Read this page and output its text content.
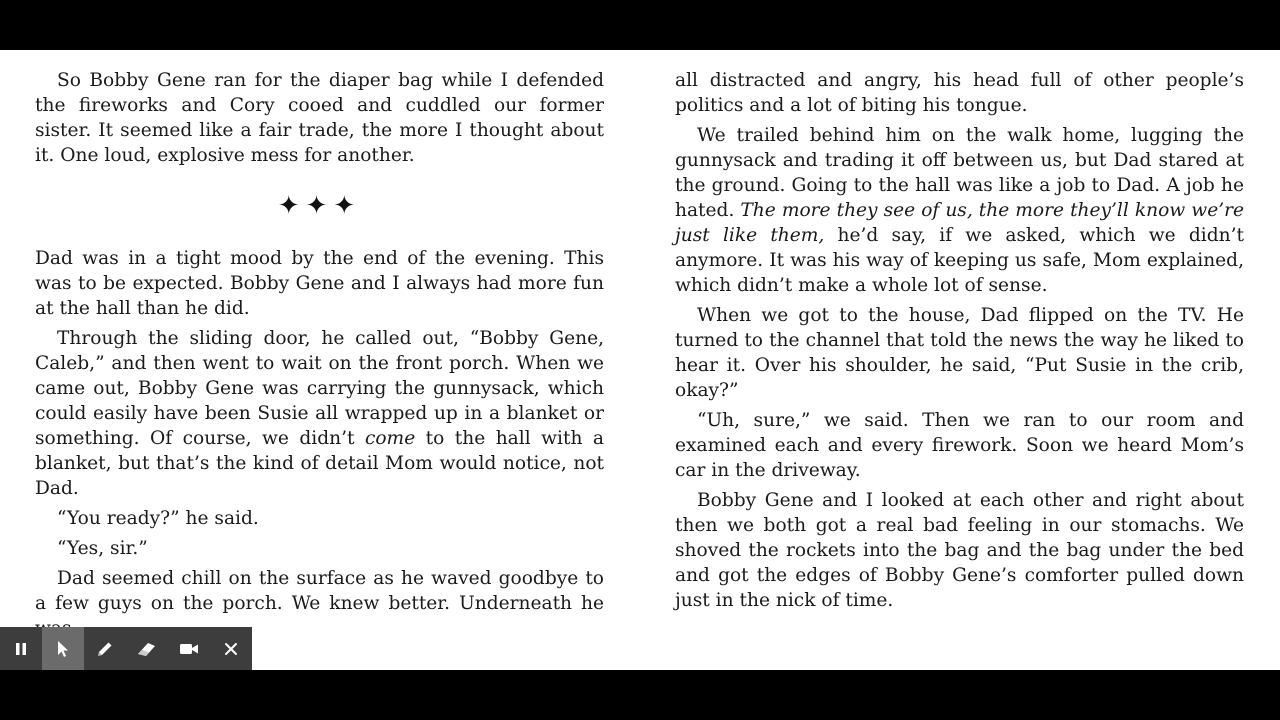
So Bobby Gene ran for the diaper bag while I defended the fireworks and Cory cooed and cuddled our former sister. It seemed like a fair trade, the more I thought about it. One loud, explosive mess for another.

✦✦✦

Dad was in a tight mood by the end of the evening. This was to be expected. Bobby Gene and I always had more fun at the hall than he did.

Through the sliding door, he called out, “Bobby Gene, Caleb,” and then went to wait on the front porch. When we came out, Bobby Gene was carrying the gunnysack, which could easily have been Susie all wrapped up in a blanket or something. Of course, we didn’t come to the hall with a blanket, but that’s the kind of detail Mom would notice, not Dad.

“You ready?” he said.

“Yes, sir.”

Dad seemed chill on the surface as he waved goodbye to a few guys on the porch. We knew better. Underneath he

all distracted and angry, his head full of other people’s politics and a lot of biting his tongue.

We trailed behind him on the walk home, lugging the gunnysack and trading it off between us, but Dad stared at the ground. Going to the hall was like a job to Dad. A job he hated. The more they see of us, the more they’ll know we’re just like them, he’d say, if we asked, which we didn’t anymore. It was his way of keeping us safe, Mom explained, which didn’t make a whole lot of sense.

When we got to the house, Dad flipped on the TV. He turned to the channel that told the news the way he liked to hear it. Over his shoulder, he said, “Put Susie in the crib, okay?”

“Uh, sure,” we said. Then we ran to our room and examined each and every firework. Soon we heard Mom’s car in the driveway.

Bobby Gene and I looked at each other and right about then we both got a real bad feeling in our stomachs. We shoved the rockets into the bag and the bag under the bed and got the edges of Bobby Gene’s comforter pulled down just in the nick of time.
